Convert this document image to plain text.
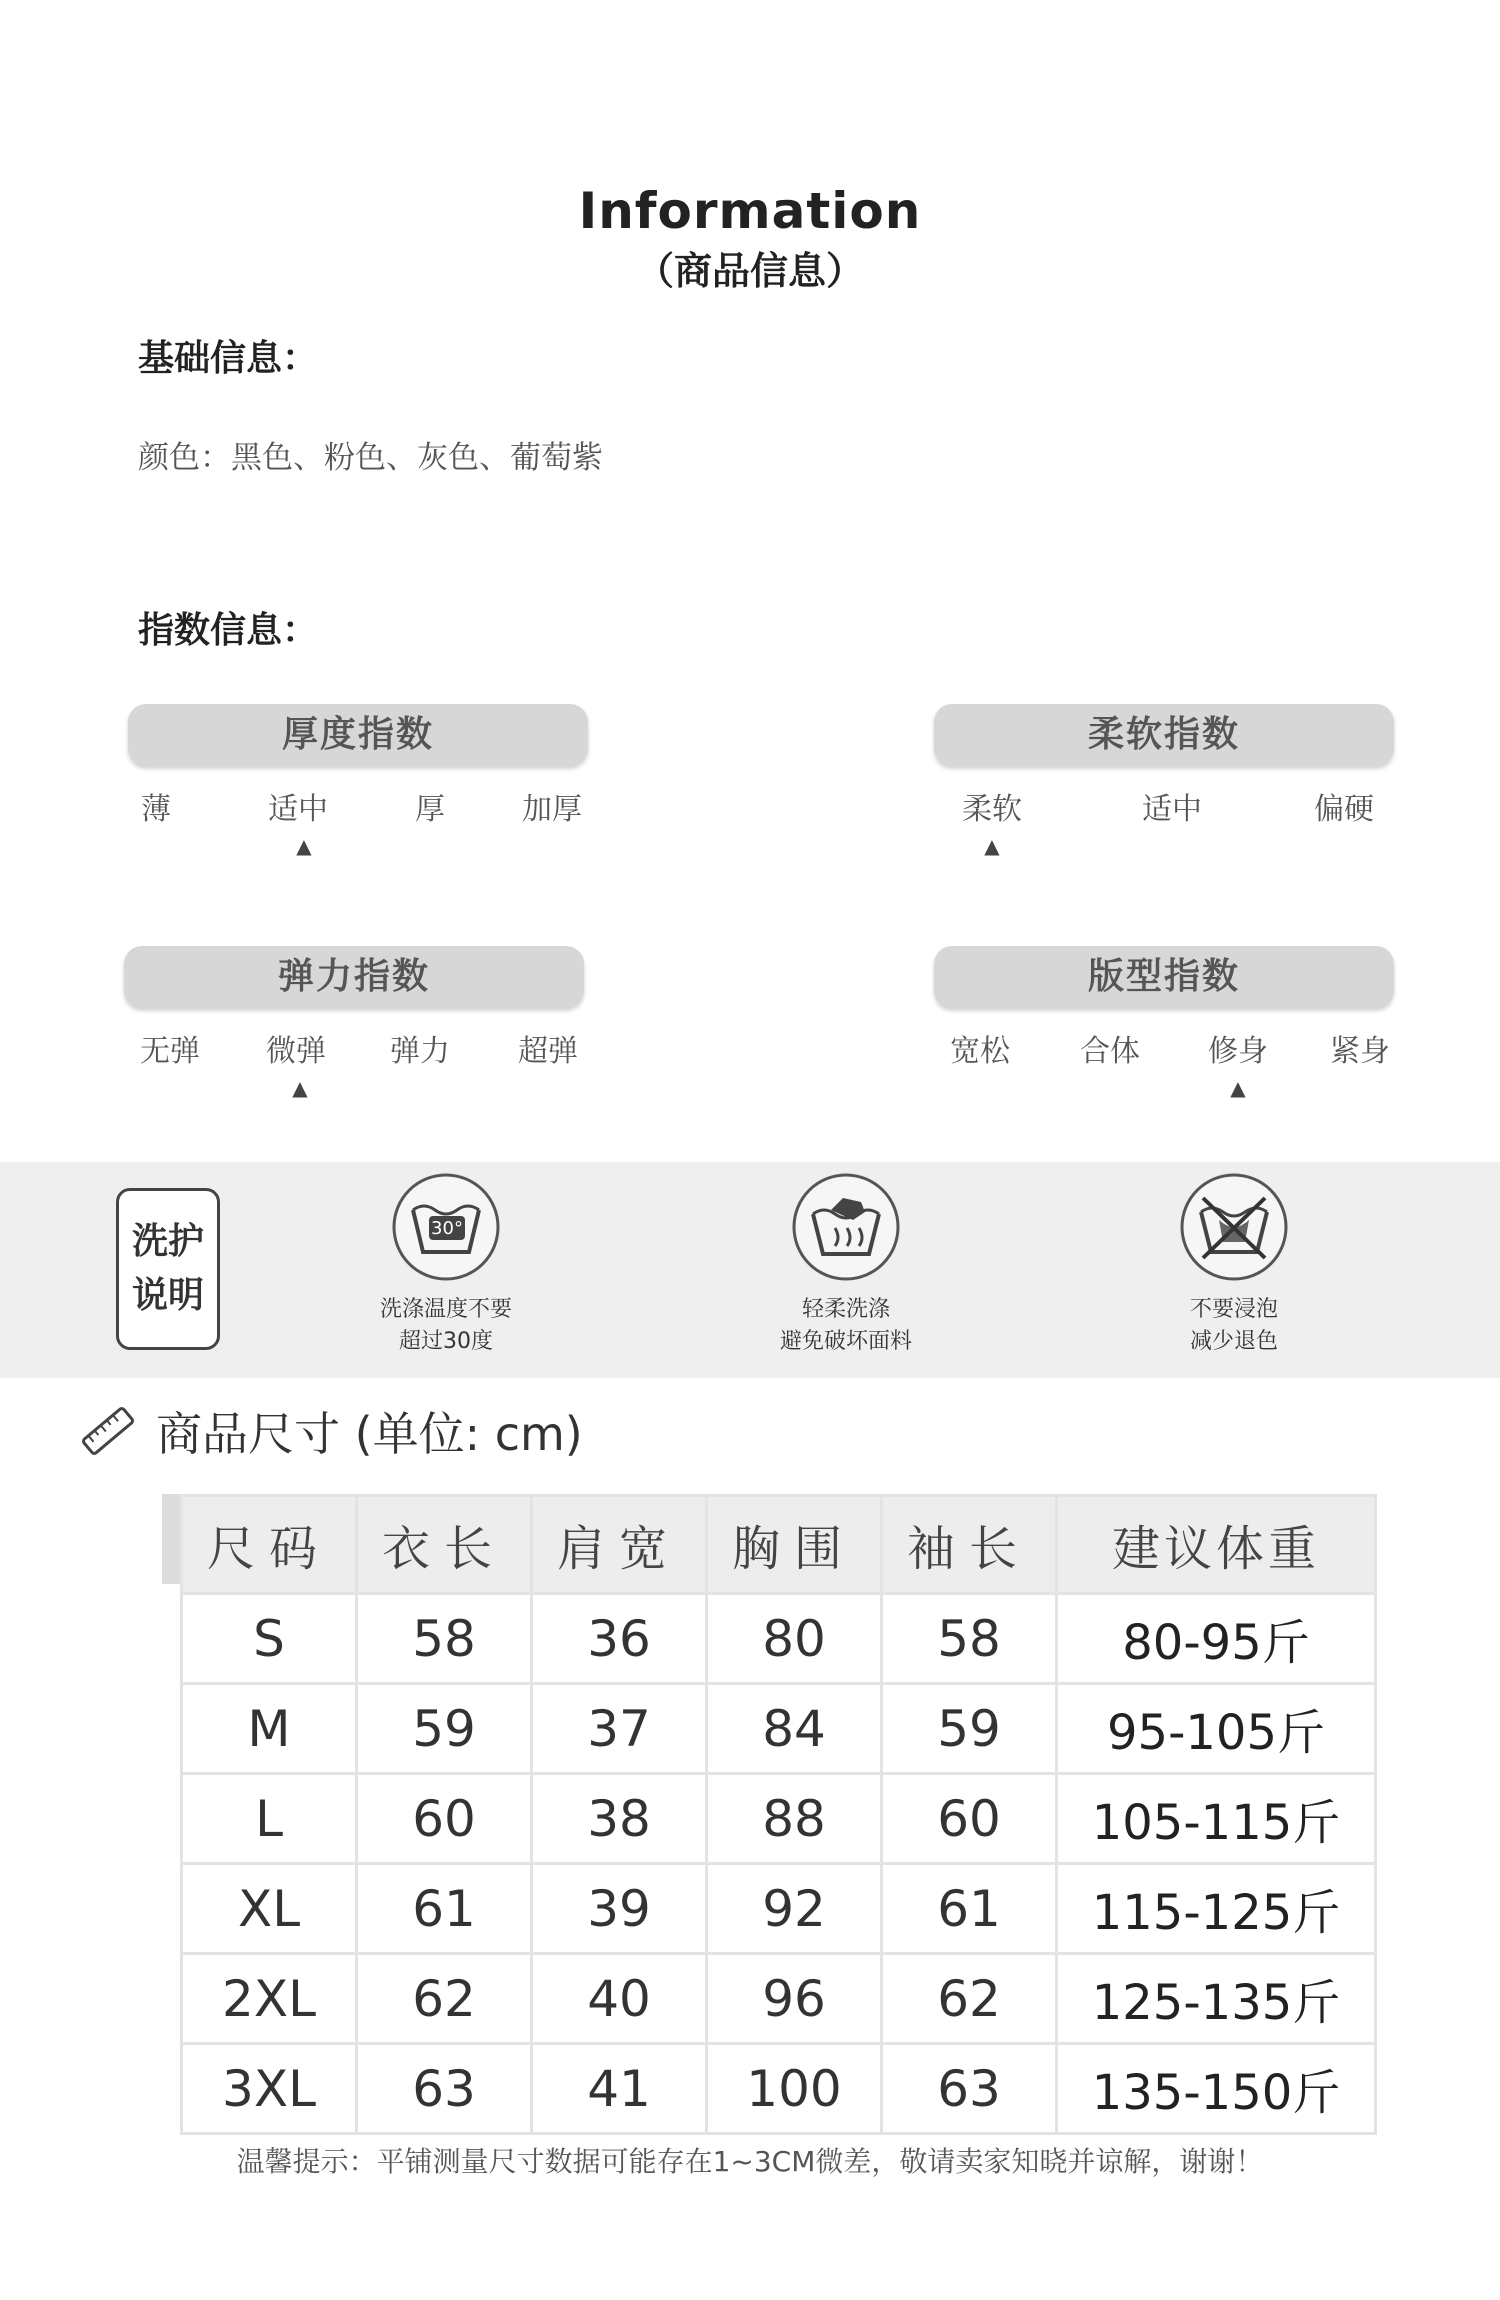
Information
（商品信息）
基础信息：
颜色：黑色、粉色、灰色、葡萄紫
指数信息：
厚度指数
薄	适中	厚	加厚
▲
柔软指数
柔软	适中	偏硬
▲
弹力指数
无弹 微弹 弹力 超弹
▲
版型指数
宽松 合体 修身 紧身
▲
洗护
说明
30°
洗涤温度不要
超过30度
轻柔洗涤
避免破坏面料
不要浸泡
减少退色
商品尺寸 (单位: cm)
尺码	衣长	肩宽	胸围	袖长	建议体重
S	58	36	80	58	80-95斤
M	59	37	84	59	95-105斤
L	60	38	88	60	105-115斤
XL	61	39	92	61	115-125斤
2XL	62	40	96	62	125-135斤
3XL	63	41	100	63	135-150斤
温馨提示：平铺测量尺寸数据可能存在1~3CM微差，敬请卖家知晓并谅解，谢谢！
